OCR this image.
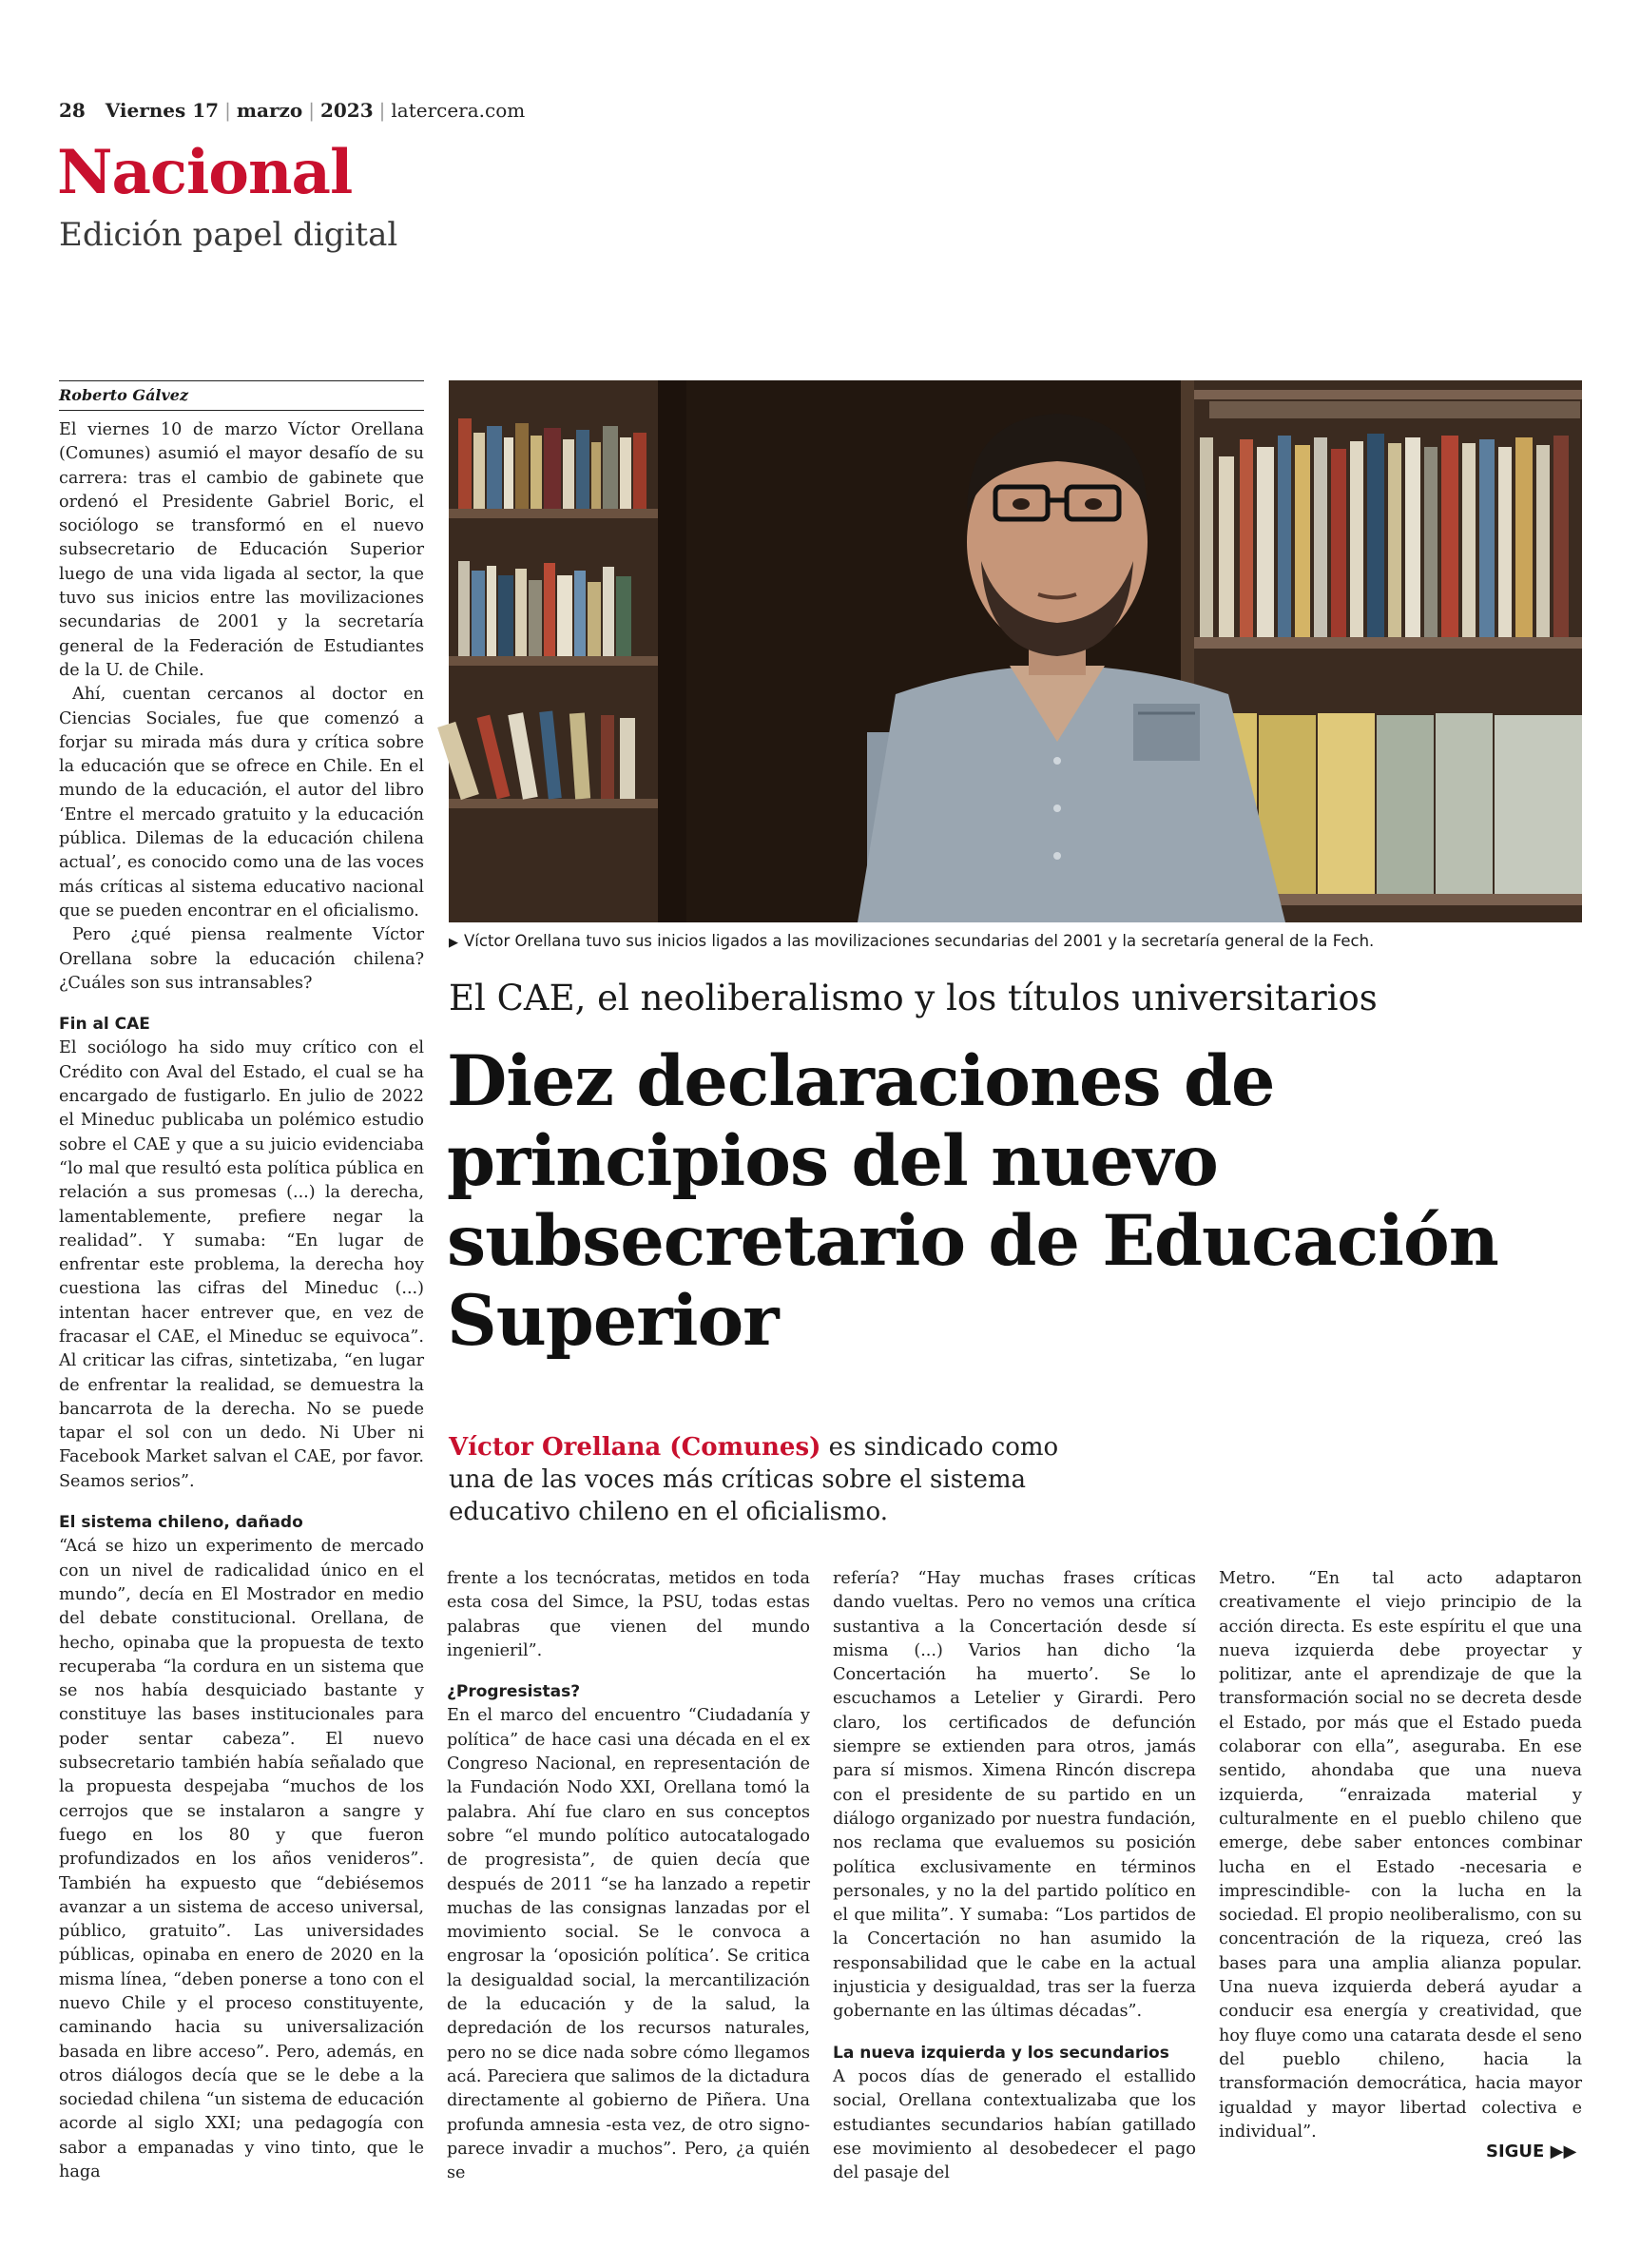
28 Viernes 17 | marzo | 2023 | latercera.com
Nacional
Edición papel digital
Roberto Gálvez

El viernes 10 de marzo Víctor Orellana (Comunes) asumió el mayor desafío de su carrera: tras el cambio de gabinete que ordenó el Presidente Gabriel Boric, el sociólogo se transformó en el nuevo subsecretario de Educación Superior luego de una vida ligada al sector, la que tuvo sus inicios entre las movilizaciones secundarias de 2001 y la secretaría general de la Federación de Estudiantes de la U. de Chile.

Ahí, cuentan cercanos al doctor en Ciencias Sociales, fue que comenzó a forjar su mirada más dura y crítica sobre la educación que se ofrece en Chile. En el mundo de la educación, el autor del libro ‘Entre el mercado gratuito y la educación pública. Dilemas de la educación chilena actual’, es conocido como una de las voces más críticas al sistema educativo nacional que se pueden encontrar en el oficialismo.

Pero ¿qué piensa realmente Víctor Orellana sobre la educación chilena? ¿Cuáles son sus intransables?

Fin al CAE

El sociólogo ha sido muy crítico con el Crédito con Aval del Estado, el cual se ha encargado de fustigarlo. En julio de 2022 el Mineduc publicaba un polémico estudio sobre el CAE y que a su juicio evidenciaba “lo mal que resultó esta política pública en relación a sus promesas (...) la derecha, lamentablemente, prefiere negar la realidad”. Y sumaba: “En lugar de enfrentar este problema, la derecha hoy cuestiona las cifras del Mineduc (...) intentan hacer entrever que, en vez de fracasar el CAE, el Mineduc se equivoca”. Al criticar las cifras, sintetizaba, “en lugar de enfrentar la realidad, se demuestra la bancarrota de la derecha. No se puede tapar el sol con un dedo. Ni Uber ni Facebook Market salvan el CAE, por favor. Seamos serios”.

El sistema chileno, dañado

“Acá se hizo un experimento de mercado con un nivel de radicalidad único en el mundo”, decía en El Mostrador en medio del debate constitucional. Orellana, de hecho, opinaba que la propuesta de texto recuperaba “la cordura en un sistema que se nos había desquiciado bastante y constituye las bases institucionales para poder sentar cabeza”. El nuevo subsecretario también había señalado que la propuesta despejaba “muchos de los cerrojos que se instalaron a sangre y fuego en los 80 y que fueron profundizados en los años venideros”. También ha expuesto que “debiésemos avanzar a un sistema de acceso universal, público, gratuito”. Las universidades públicas, opinaba en enero de 2020 en la misma línea, “deben ponerse a tono con el nuevo Chile y el proceso constituyente, caminando hacia su universalización basada en libre acceso”. Pero, además, en otros diálogos decía que se le debe a la sociedad chilena “un sistema de educación acorde al siglo XXI; una pedagogía con sabor a empanadas y vino tinto, que le haga

▶ Víctor Orellana tuvo sus inicios ligados a las movilizaciones secundarias del 2001 y la secretaría general de la Fech.
El CAE, el neoliberalismo y los títulos universitarios
Diez declaraciones de principios del nuevo subsecretario de Educación Superior
Víctor Orellana (Comunes) es sindicado como una de las voces más críticas sobre el sistema educativo chileno en el oficialismo.

frente a los tecnócratas, metidos en toda esta cosa del Simce, la PSU, todas estas palabras que vienen del mundo ingenieril”.

¿Progresistas?

En el marco del encuentro “Ciudadanía y política” de hace casi una década en el ex Congreso Nacional, en representación de la Fundación Nodo XXI, Orellana tomó la palabra. Ahí fue claro en sus conceptos sobre “el mundo político autocatalogado de progresista”, de quien decía que después de 2011 “se ha lanzado a repetir muchas de las consignas lanzadas por el movimiento social. Se le convoca a engrosar la ‘oposición política’. Se critica la desigualdad social, la mercantilización de la educación y de la salud, la depredación de los recursos naturales, pero no se dice nada sobre cómo llegamos acá. Pareciera que salimos de la dictadura directamente al gobierno de Piñera. Una profunda amnesia -esta vez, de otro signo- parece invadir a muchos”. Pero, ¿a quién se

refería? “Hay muchas frases críticas dando vueltas. Pero no vemos una crítica sustantiva a la Concertación desde sí misma (...) Varios han dicho ‘la Concertación ha muerto’. Se lo escuchamos a Letelier y Girardi. Pero claro, los certificados de defunción siempre se extienden para otros, jamás para sí mismos. Ximena Rincón discrepa con el presidente de su partido en un diálogo organizado por nuestra fundación, nos reclama que evaluemos su posición política exclusivamente en términos personales, y no la del partido político en el que milita”. Y sumaba: “Los partidos de la Concertación no han asumido la responsabilidad que le cabe en la actual injusticia y desigualdad, tras ser la fuerza gobernante en las últimas décadas”.

La nueva izquierda y los secundarios

A pocos días de generado el estallido social, Orellana contextualizaba que los estudiantes secundarios habían gatillado ese movimiento al desobedecer el pago del pasaje del

Metro. “En tal acto adaptaron creativamente el viejo principio de la acción directa. Es este espíritu el que una nueva izquierda debe proyectar y politizar, ante el aprendizaje de que la transformación social no se decreta desde el Estado, por más que el Estado pueda colaborar con ella”, aseguraba. En ese sentido, ahondaba que una nueva izquierda, “enraizada material y culturalmente en el pueblo chileno que emerge, debe saber entonces combinar lucha en el Estado -necesaria e imprescindible- con la lucha en la sociedad. El propio neoliberalismo, con su concentración de la riqueza, creó las bases para una amplia alianza popular. Una nueva izquierda deberá ayudar a conducir esa energía y creatividad, que hoy fluye como una catarata desde el seno del pueblo chileno, hacia la transformación democrática, hacia mayor igualdad y mayor libertad colectiva e individual”.

SIGUE ▶▶
